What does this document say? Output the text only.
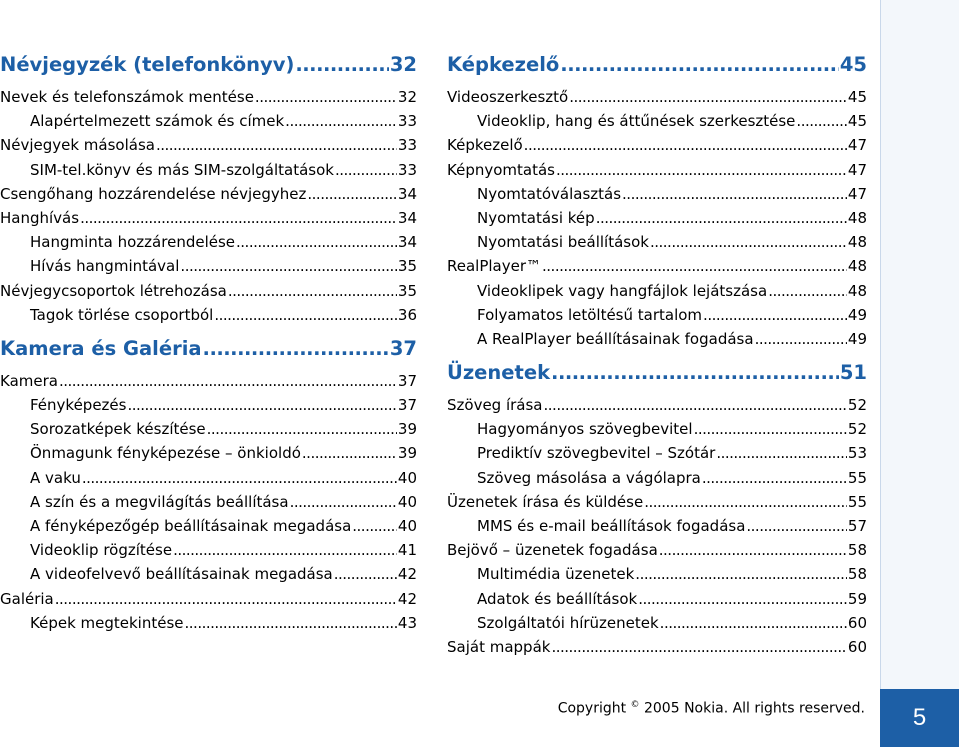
Névjegyzék (telefonkönyv) .....	32
Nevek és telefonszámok mentése .....	32
Alapértelmezett számok és címek .....	33
Névjegyek másolása .....	33
SIM-tel.könyv és más SIM-szolgáltatások .....	33
Csengőhang hozzárendelése névjegyhez .....	34
Hanghívás .....	34
Hangminta hozzárendelése .....	34
Hívás hangmintával .....	35
Névjegycsoportok létrehozása .....	35
Tagok törlése csoportból .....	36
Kamera és Galéria .....	37
Kamera .....	37
Fényképezés .....	37
Sorozatképek készítése .....	39
Önmagunk fényképezése – önkioldó .....	39
A vaku .....	40
A szín és a megvilágítás beállítása .....	40
A fényképezőgép beállításainak megadása .....	40
Videoklip rögzítése .....	41
A videofelvevő beállításainak megadása .....	42
Galéria .....	42
Képek megtekintése .....	43
Képkezelő .....	45
Videoszerkesztő .....	45
Videoklip, hang és áttűnések szerkesztése .....	45
Képkezelő .....	47
Képnyomtatás .....	47
Nyomtatóválasztás .....	47
Nyomtatási kép .....	48
Nyomtatási beállítások .....	48
RealPlayer™ .....	48
Videoklipek vagy hangfájlok lejátszása .....	48
Folyamatos letöltésű tartalom .....	49
A RealPlayer beállításainak fogadása .....	49
Üzenetek .....	51
Szöveg írása .....	52
Hagyományos szövegbevitel .....	52
Prediktív szövegbevitel – Szótár .....	53
Szöveg másolása a vágólapra .....	55
Üzenetek írása és küldése .....	55
MMS és e-mail beállítások fogadása .....	57
Bejövő – üzenetek fogadása .....	58
Multimédia üzenetek .....	58
Adatok és beállítások .....	59
Szolgáltatói hírüzenetek .....	60
Saját mappák .....	60
5
Copyright © 2005 Nokia. All rights reserved.
